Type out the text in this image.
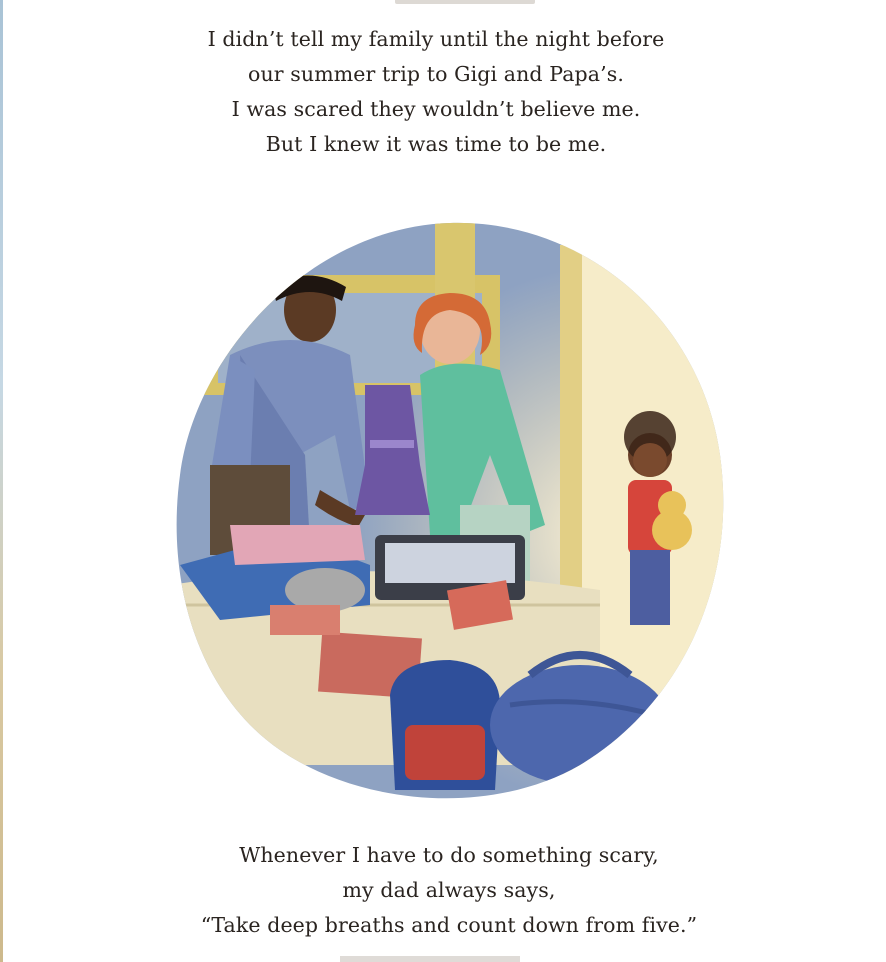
I didn’t tell my family until the night before

our summer trip to Gigi and Papa’s.

I was scared they wouldn’t believe me.

But I knew it was time to be me.

Whenever I have to do something scary,

my dad always says,

“Take deep breaths and count down from five.”
